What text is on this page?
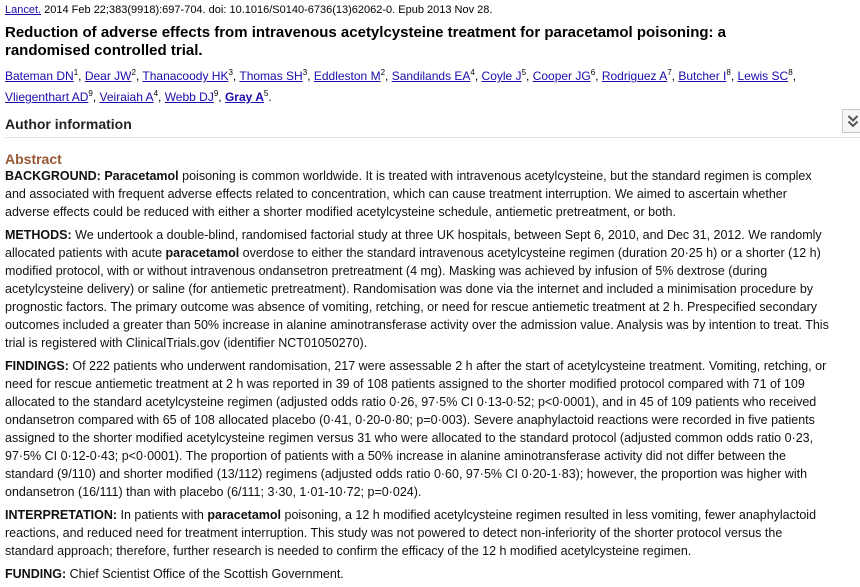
Lancet. 2014 Feb 22;383(9918):697-704. doi: 10.1016/S0140-6736(13)62062-0. Epub 2013 Nov 28.
Reduction of adverse effects from intravenous acetylcysteine treatment for paracetamol poisoning: a
randomised controlled trial.
Bateman $DN^1$, Dear $JW^2$, Thanacoody $HK^3$, Thomas $SH^3$, Eddleston $M^2$, Sandilands $EA^4$, Coyle $J^5$, Cooper $JG^6$, Rodriguez $A^7$, Butcher $I^8$, Lewis $SC^8$,
Vliegenthart $AD^9$, Veiraiah $A^4$, Webb $DJ^9$, Gray $A^5$.
Author information
Abstract
BACKGROUND: Paracetamol poisoning is common worldwide. It is treated with intravenous acetylcysteine, but the standard regimen is complex
and associated with frequent adverse effects related to concentration, which can cause treatment interruption. We aimed to ascertain whether
adverse effects could be reduced with either a shorter modified acetylcysteine schedule, antiemetic pretreatment, or both.
METHODS: We undertook a double-blind, randomised factorial study at three UK hospitals, between Sept 6, 2010, and Dec 31, 2012. We randomly
allocated patients with acute paracetamol overdose to either the standard intravenous acetylcysteine regimen (duration 20·25 h) or a shorter (12 h)
modified protocol, with or without intravenous ondansetron pretreatment (4 mg). Masking was achieved by infusion of 5% dextrose (during
acetylcysteine delivery) or saline (for antiemetic pretreatment). Randomisation was done via the internet and included a minimisation procedure by
prognostic factors. The primary outcome was absence of vomiting, retching, or need for rescue antiemetic treatment at 2 h. Prespecified secondary
outcomes included a greater than 50% increase in alanine aminotransferase activity over the admission value. Analysis was by intention to treat. This
trial is registered with ClinicalTrials.gov (identifier NCT01050270).
FINDINGS: Of 222 patients who underwent randomisation, 217 were assessable 2 h after the start of acetylcysteine treatment. Vomiting, retching, or
need for rescue antiemetic treatment at 2 h was reported in 39 of 108 patients assigned to the shorter modified protocol compared with 71 of 109
allocated to the standard acetylcysteine regimen (adjusted odds ratio 0·26, 97·5% CI 0·13-0·52; p<0·0001), and in 45 of 109 patients who received
ondansetron compared with 65 of 108 allocated placebo (0·41, 0·20-0·80; p=0·003). Severe anaphylactoid reactions were recorded in five patients
assigned to the shorter modified acetylcysteine regimen versus 31 who were allocated to the standard protocol (adjusted common odds ratio 0·23,
97·5% CI 0·12-0·43; p<0·0001). The proportion of patients with a 50% increase in alanine aminotransferase activity did not differ between the
standard (9/110) and shorter modified (13/112) regimens (adjusted odds ratio 0·60, 97·5% CI 0·20-1·83); however, the proportion was higher with
ondansetron (16/111) than with placebo (6/111; 3·30, 1·01-10·72; p=0·024).
INTERPRETATION: In patients with paracetamol poisoning, a 12 h modified acetylcysteine regimen resulted in less vomiting, fewer anaphylactoid
reactions, and reduced need for treatment interruption. This study was not powered to detect non-inferiority of the shorter protocol versus the
standard approach; therefore, further research is needed to confirm the efficacy of the 12 h modified acetylcysteine regimen.
FUNDING: Chief Scientist Office of the Scottish Government.
